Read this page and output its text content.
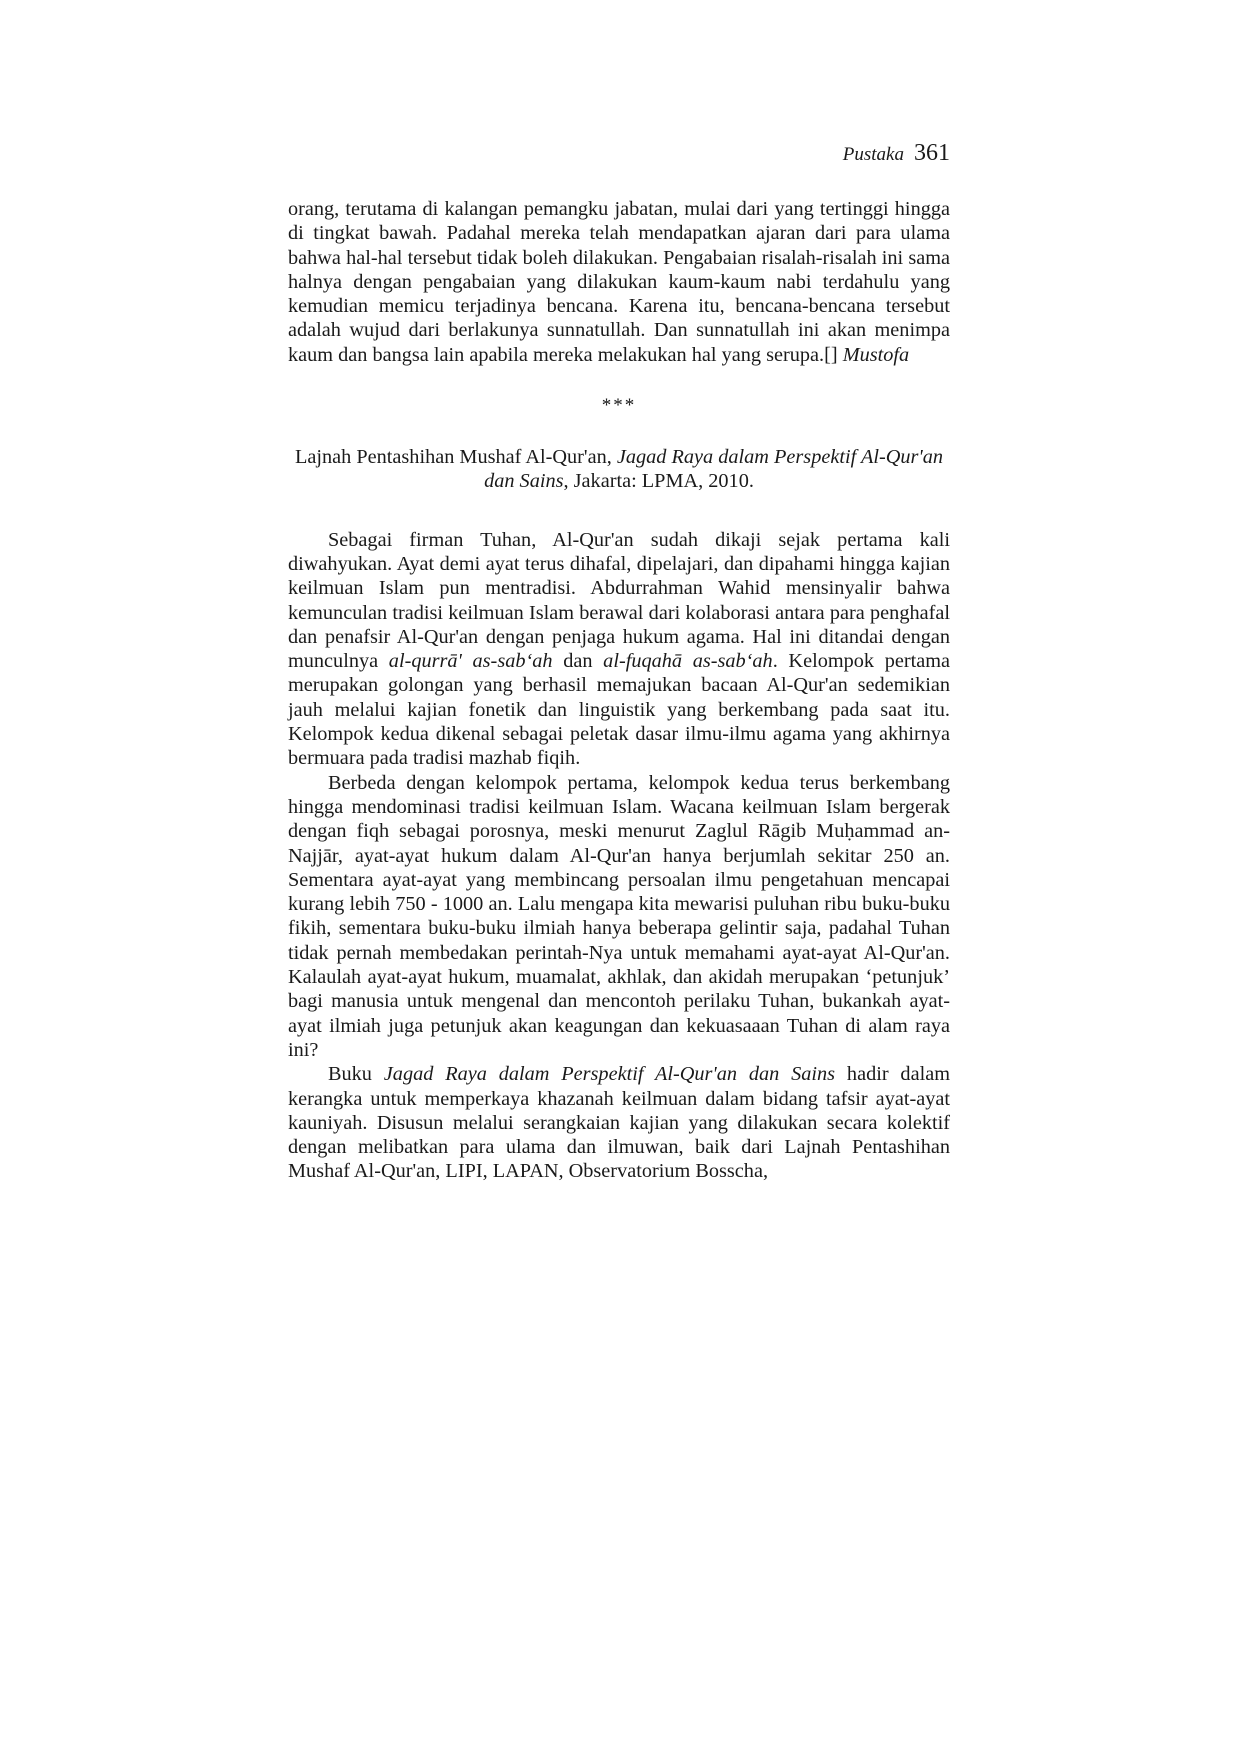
Pustaka 361

orang, terutama di kalangan pemangku jabatan, mulai dari yang tertinggi hingga di tingkat bawah. Padahal mereka telah mendapatkan ajaran dari para ulama bahwa hal-hal tersebut tidak boleh dilakukan. Pengabaian risalah-risalah ini sama halnya dengan pengabaian yang dilakukan kaum-kaum nabi terdahulu yang kemudian memicu terjadinya bencana. Karena itu, bencana-bencana tersebut adalah wujud dari berlakunya sunnatullah. Dan sunnatullah ini akan menimpa kaum dan bangsa lain apabila mereka melakukan hal yang serupa.[] Mustofa

***
Lajnah Pentashihan Mushaf Al-Qur'an, Jagad Raya dalam Perspektif Al-Qur'an dan Sains, Jakarta: LPMA, 2010.

Sebagai firman Tuhan, Al-Qur'an sudah dikaji sejak pertama kali diwahyukan. Ayat demi ayat terus dihafal, dipelajari, dan dipahami hingga kajian keilmuan Islam pun mentradisi. Abdurrahman Wahid mensinyalir bahwa kemunculan tradisi keilmuan Islam berawal dari kolaborasi antara para penghafal dan penafsir Al-Qur'an dengan penjaga hukum agama. Hal ini ditandai dengan munculnya al-qurrā' as-sab‘ah dan al-fuqahā as-sab‘ah. Kelompok pertama merupakan golongan yang berhasil memajukan bacaan Al-Qur'an sedemikian jauh melalui kajian fonetik dan linguistik yang berkembang pada saat itu. Kelompok kedua dikenal sebagai peletak dasar ilmu-ilmu agama yang akhirnya bermuara pada tradisi mazhab fiqih.

Berbeda dengan kelompok pertama, kelompok kedua terus berkembang hingga mendominasi tradisi keilmuan Islam. Wacana keilmuan Islam bergerak dengan fiqh sebagai porosnya, meski menurut Zaglul Rāgib Muḥammad an-Najjār, ayat-ayat hukum dalam Al-Qur'an hanya berjumlah sekitar 250 an. Sementara ayat-ayat yang membincang persoalan ilmu pengetahuan mencapai kurang lebih 750 - 1000 an. Lalu mengapa kita mewarisi puluhan ribu buku-buku fikih, sementara buku-buku ilmiah hanya beberapa gelintir saja, padahal Tuhan tidak pernah membedakan perintah-Nya untuk memahami ayat-ayat Al-Qur'an. Kalaulah ayat-ayat hukum, muamalat, akhlak, dan akidah merupakan ‘petunjuk’ bagi manusia untuk mengenal dan mencontoh perilaku Tuhan, bukankah ayat-ayat ilmiah juga petunjuk akan keagungan dan kekuasaaan Tuhan di alam raya ini?

Buku Jagad Raya dalam Perspektif Al-Qur'an dan Sains hadir dalam kerangka untuk memperkaya khazanah keilmuan dalam bidang tafsir ayat-ayat kauniyah. Disusun melalui serangkaian kajian yang dilakukan secara kolektif dengan melibatkan para ulama dan ilmuwan, baik dari Lajnah Pentashihan Mushaf Al-Qur'an, LIPI, LAPAN, Observatorium Bosscha,
